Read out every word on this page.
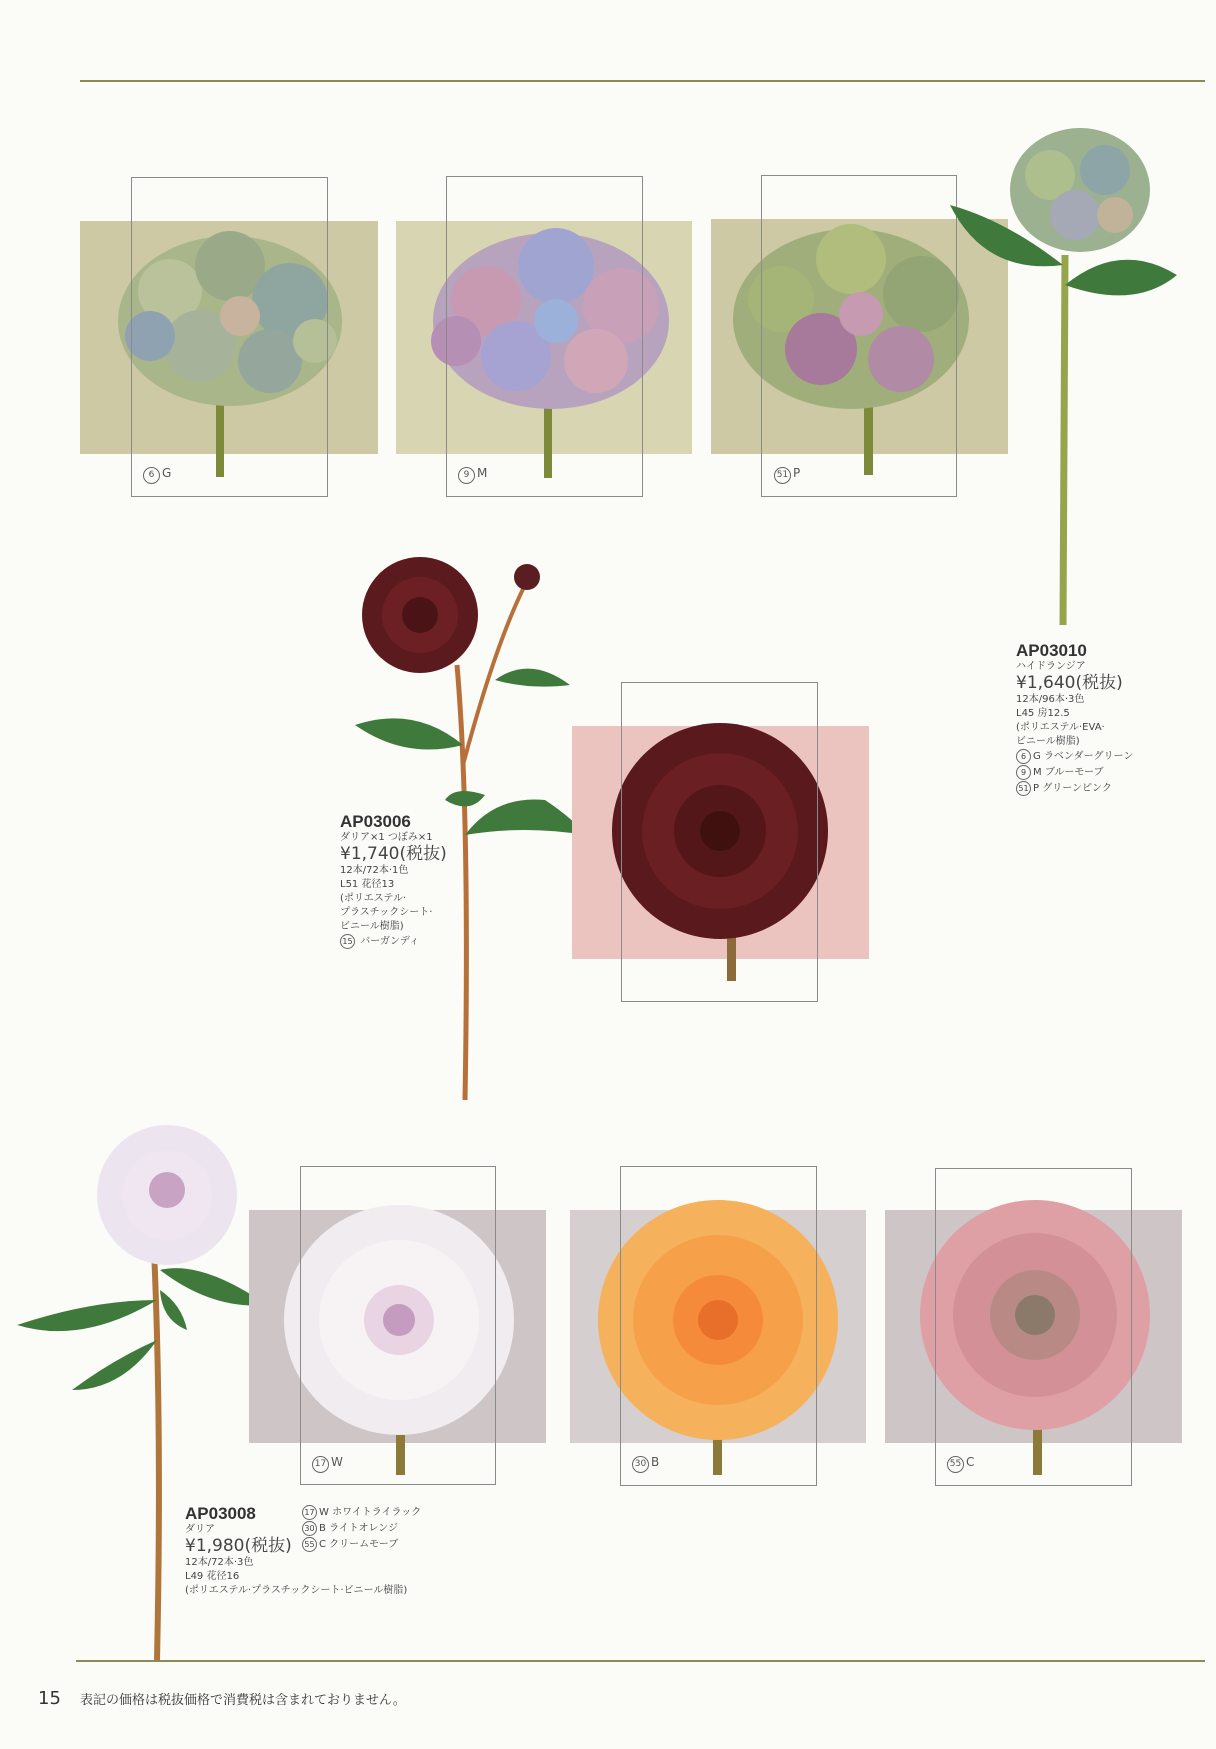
6 G	9 M	51 P
AP03010
ハイドランジア
¥1,640(税抜)
12本/96本·3色
L45 房12.5
(ポリエステル·EVA·
ビニール樹脂)
6 G ラベンダーグリーン
9 M ブルーモーブ
51 P グリーンピンク
AP03006
ダリア×1 つぼみ×1
¥1,740(税抜)
12本/72本·1色
L51 花径13
(ポリエステル·
プラスチックシート·
ビニール樹脂)
15 バーガンディ
17 W	30 B	55 C
AP03008
ダリア
¥1,980(税抜)
12本/72本·3色
L49 花径16
(ポリエステル·プラスチックシート·ビニール樹脂)
17 W ホワイトライラック
30 B ライトオレンジ
55 C クリームモーブ
15 表記の価格は税抜価格で消費税は含まれておりません。
